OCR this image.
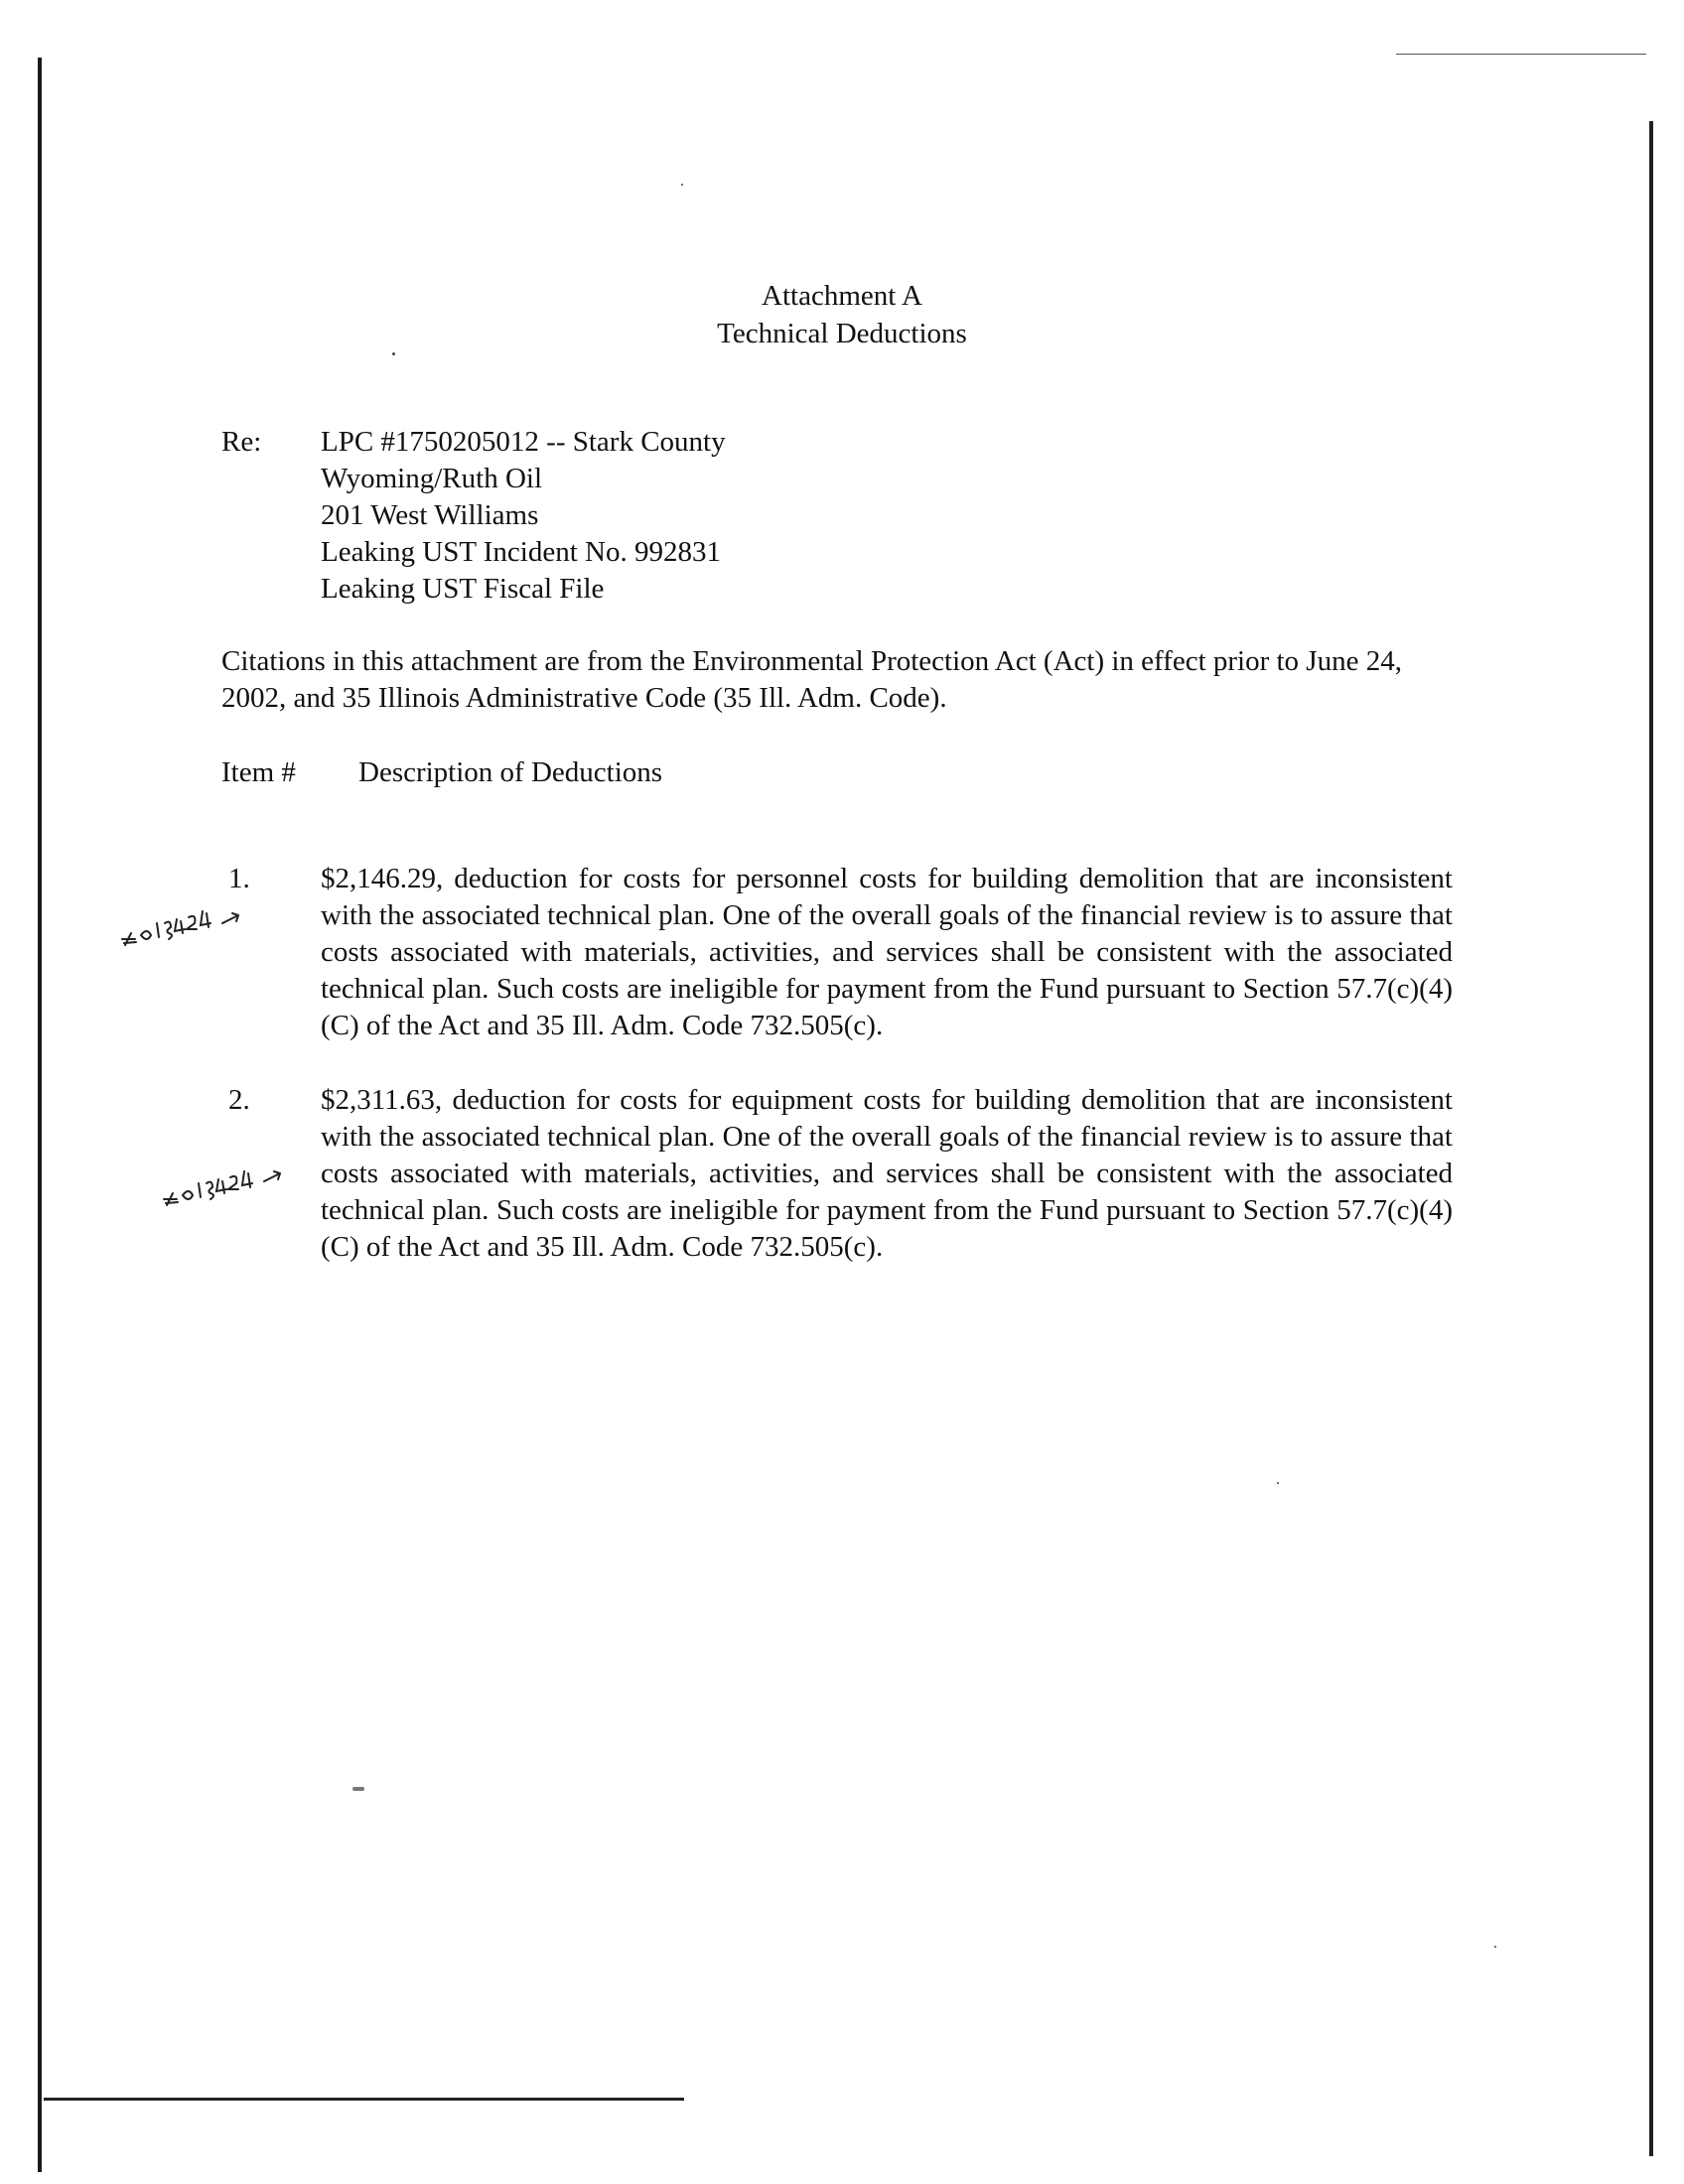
Attachment A
Technical Deductions
Re: LPC #1750205012 -- Stark County
Wyoming/Ruth Oil
201 West Williams
Leaking UST Incident No. 992831
Leaking UST Fiscal File
Citations in this attachment are from the Environmental Protection Act (Act) in effect prior to June 24, 2002, and 35 Illinois Administrative Code (35 Ill. Adm. Code).
Item # Description of Deductions
1. $2,146.29, deduction for costs for personnel costs for building demolition that are inconsistent with the associated technical plan. One of the overall goals of the financial review is to assure that costs associated with materials, activities, and services shall be consistent with the associated technical plan. Such costs are ineligible for payment from the Fund pursuant to Section 57.7(c)(4)(C) of the Act and 35 Ill. Adm. Code 732.505(c).
2. $2,311.63, deduction for costs for equipment costs for building demolition that are inconsistent with the associated technical plan. One of the overall goals of the financial review is to assure that costs associated with materials, activities, and services shall be consistent with the associated technical plan. Such costs are ineligible for payment from the Fund pursuant to Section 57.7(c)(4)(C) of the Act and 35 Ill. Adm. Code 732.505(c).
